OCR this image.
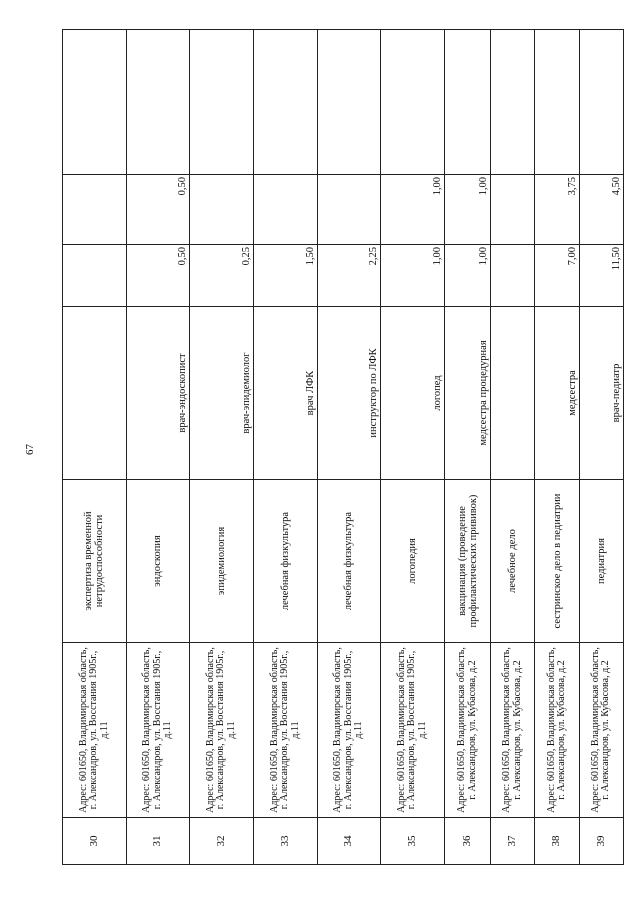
67
30	Адрес: 601650, Владимирская область, г. Александров, ул. Восстания 1905г., д.11	экспертиза временной нетрудоспособности				
31	Адрес: 601650, Владимирская область, г. Александров, ул. Восстания 1905г., д.11	эндоскопия	врач-эндоскопист	0,50	0,50	
32	Адрес: 601650, Владимирская область, г. Александров, ул. Восстания 1905г., д.11	эпидемиология	врач-эпидемиолог	0,25		
33	Адрес: 601650, Владимирская область, г. Александров, ул. Восстания 1905г., д.11	лечебная физкультура	врач ЛФК	1,50		
34	Адрес: 601650, Владимирская область, г. Александров, ул. Восстания 1905г., д.11	лечебная физкультура	инструктор по ЛФК	2,25		
35	Адрес: 601650, Владимирская область, г. Александров, ул. Восстания 1905г., д.11	логопедия	логопед	1,00	1,00	
36	Адрес: 601650, Владимирская область, г. Александров, ул. Кубасова, д.2	вакцинация (проведение профилактических прививок)	медсестра процедурная	1,00	1,00	
37	Адрес: 601650, Владимирская область, г. Александров, ул. Кубасова, д.2	лечебное дело				
38	Адрес: 601650, Владимирская область, г. Александров, ул. Кубасова, д.2	сестринское дело в педиатрии	медсестра	7,00	3,75	
39	Адрес: 601650, Владимирская область, г. Александров, ул. Кубасова, д.2	педиатрия	врач-педиатр	11,50	4,50	
